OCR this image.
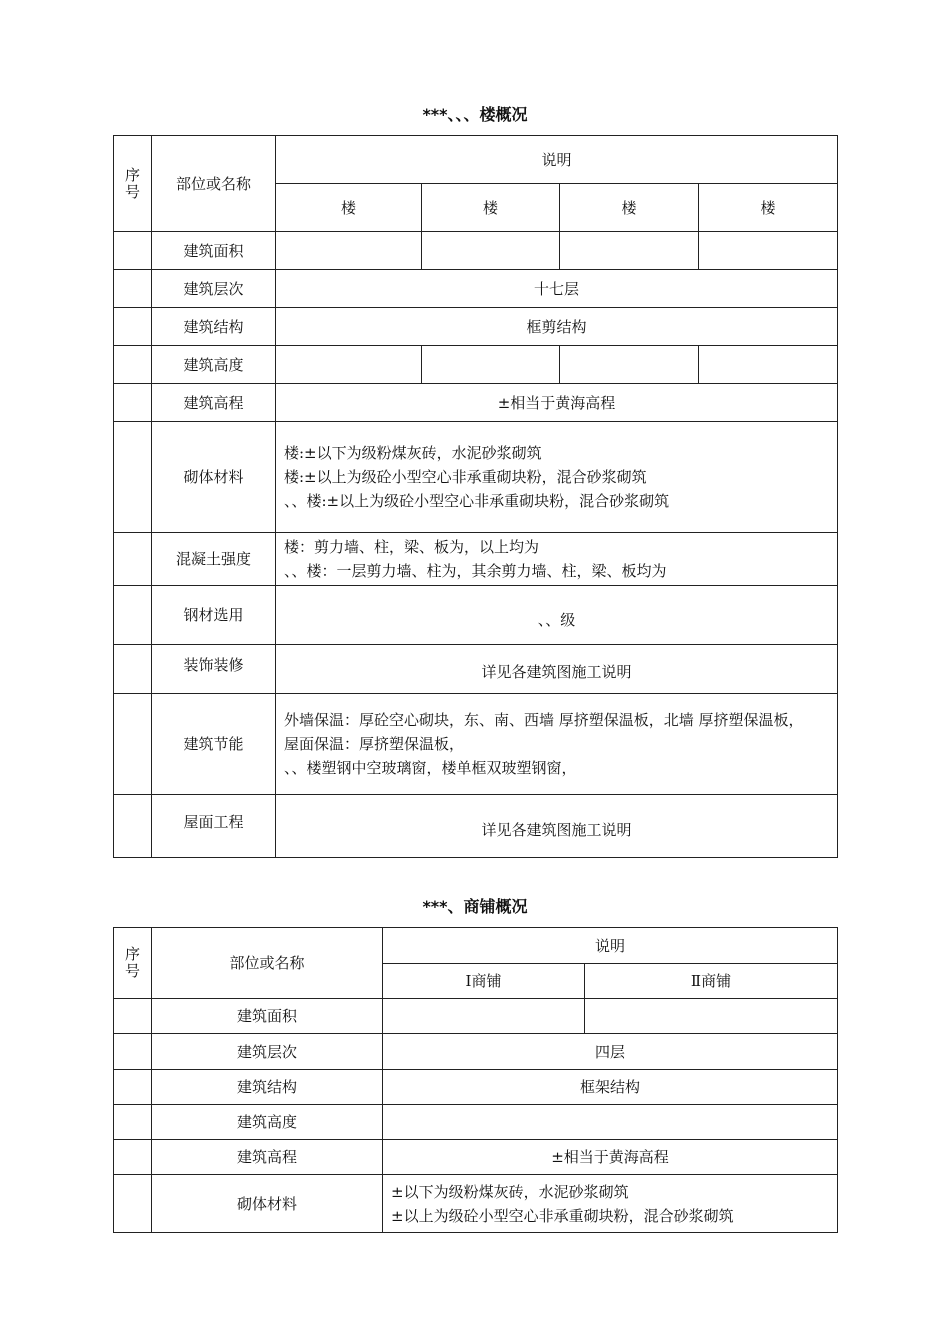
***、、、楼概况
序
号	部位或名称	说明			
		楼	楼	楼	楼
	建筑面积				
	建筑层次	十七层			
	建筑结构	框剪结构			
	建筑高度				
	建筑高程	±相当于黄海高程			
	砌体材料	楼:±以下为级粉煤灰砖，水泥砂浆砌筑
楼:±以上为级砼小型空心非承重砌块粉，混合砂浆砌筑
、、楼:±以上为级砼小型空心非承重砌块粉，混合砂浆砌筑			

	混凝土强度	楼：剪力墙、柱，梁、板为，以上均为
、、楼：一层剪力墙、柱为，其余剪力墙、柱，梁、板均为			

	钢材选用	、、级			

	装饰装修	详见各建筑图施工说明			

	建筑节能	外墙保温：厚砼空心砌块，东、南、西墙 厚挤塑保温板，北墙 厚挤塑保温板，
屋面保温：厚挤塑保温板，
、、楼塑钢中空玻璃窗，楼单框双玻塑钢窗，			

	屋面工程	详见各建筑图施工说明			
***、商铺概况
序
号	部位或名称	说明	
		Ⅰ商铺	Ⅱ商铺
	建筑面积		
	建筑层次	四层	
	建筑结构	框架结构	
	建筑高度		
	建筑高程	±相当于黄海高程	
	砌体材料	±以下为级粉煤灰砖，水泥砂浆砌筑
±以上为级砼小型空心非承重砌块粉，混合砂浆砌筑	
